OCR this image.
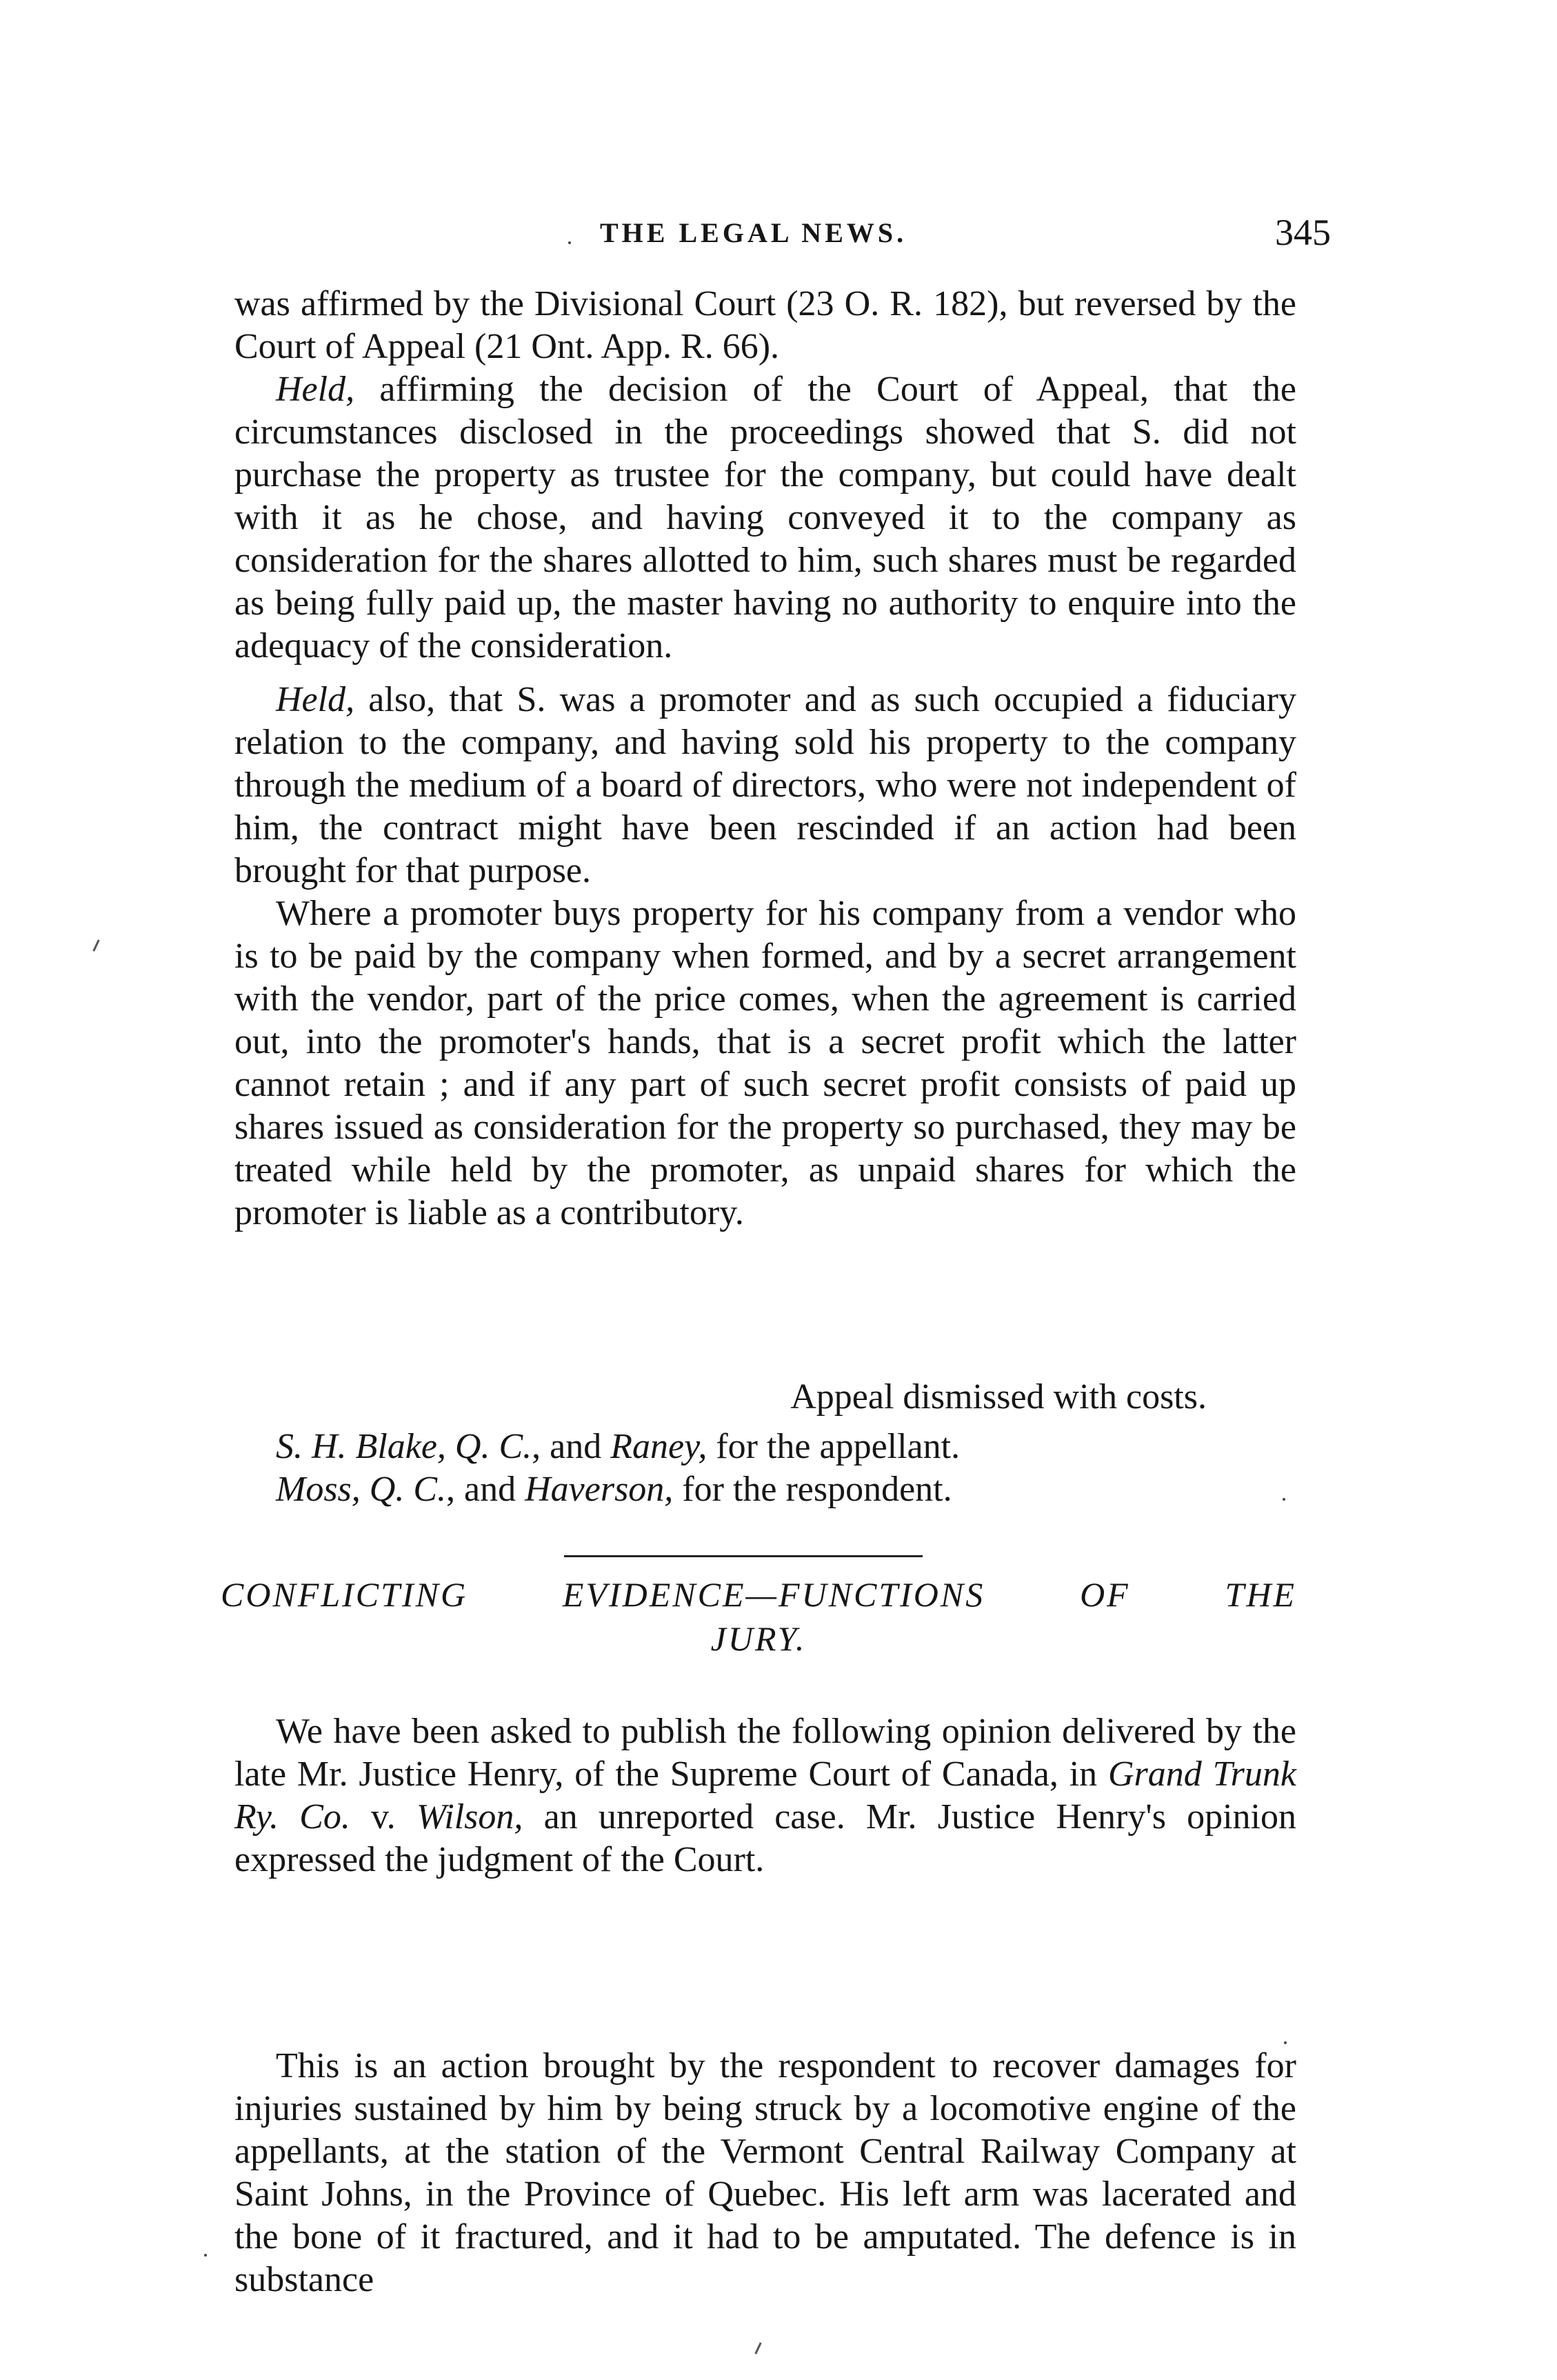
THE LEGAL NEWS.	345

was affirmed by the Divisional Court (23 O. R. 182), but reversed by the Court of Appeal (21 Ont. App. R. 66).

Held, affirming the decision of the Court of Appeal, that the circumstances disclosed in the proceedings showed that S. did not purchase the property as trustee for the company, but could have dealt with it as he chose, and having conveyed it to the company as consideration for the shares allotted to him, such shares must be regarded as being fully paid up, the master having no authority to enquire into the adequacy of the consideration.

Held, also, that S. was a promoter and as such occupied a fiduciary relation to the company, and having sold his property to the company through the medium of a board of directors, who were not independent of him, the contract might have been rescinded if an action had been brought for that purpose.

Where a promoter buys property for his company from a vendor who is to be paid by the company when formed, and by a secret arrangement with the vendor, part of the price comes, when the agreement is carried out, into the promoter's hands, that is a secret profit which the latter cannot retain ; and if any part of such secret profit consists of paid up shares issued as consideration for the property so purchased, they may be treated while held by the promoter, as unpaid shares for which the promoter is liable as a contributory.

Appeal dismissed with costs.

S. H. Blake, Q. C., and Raney, for the appellant.

Moss, Q. C., and Haverson, for the respondent.

CONFLICTING EVIDENCE—FUNCTIONS OF THE
JURY.

We have been asked to publish the following opinion delivered by the late Mr. Justice Henry, of the Supreme Court of Canada, in Grand Trunk Ry. Co. v. Wilson, an unreported case. Mr. Justice Henry's opinion expressed the judgment of the Court.

This is an action brought by the respondent to recover damages for injuries sustained by him by being struck by a locomotive engine of the appellants, at the station of the Vermont Central Railway Company at Saint Johns, in the Province of Quebec. His left arm was lacerated and the bone of it fractured, and it had to be amputated. The defence is in substance
